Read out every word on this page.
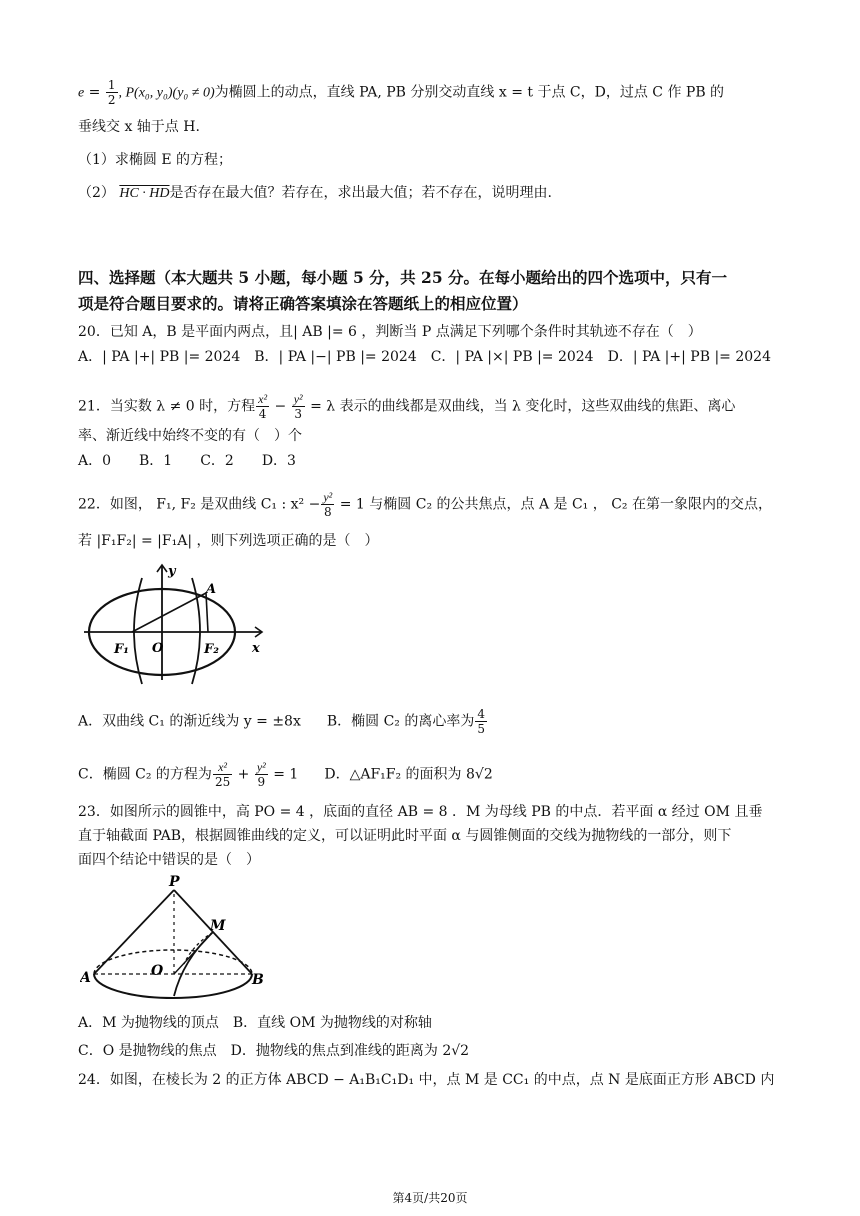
$e = \frac{1}{2}$ , P(x₀, y₀)(y₀ ≠ 0)为椭圆上的动点，直线 PA, PB 分别交动直线 x = t 于点 C，D，过点 C 作 PB 的
垂线交 x 轴于点 H.
（1）求椭圆 E 的方程；
（2） HC · HD是否存在最大值？若存在，求出最大值；若不存在，说明理由.
四、选择题（本大题共 5 小题，每小题 5 分，共 25 分。在每小题给出的四个选项中，只有一
项是符合题目要求的。请将正确答案填涂在答题纸上的相应位置）
20．已知 A，B 是平面内两点，且| AB |= 6 ，判断当 P 点满足下列哪个条件时其轨迹不存在（　）
A．| PA |+| PB |= 2024　B．| PA |−| PB |= 2024　C．| PA |×| PB |= 2024　D．| PA |+| PB |= 2024
21．当实数 λ ≠ 0 时，方程 $\frac{\text{x²}}{4} - \frac{\text{y²}}{3} = \lambda$ 表示的曲线都是双曲线，当 λ 变化时，这些双曲线的焦距、离心
率、渐近线中始终不变的有（　）个
A．0　　B．1　　C．2　　D．3
22．如图， F₁, F₂ 是双曲线 C₁ : $x^2 - \frac{\text{y²}}{8} = 1$ 与椭圆 C₂ 的公共焦点，点 A 是 C₁ ， C₂ 在第一象限内的交点，
若 |F₁F₂| = |F₁A| ，则下列选项正确的是（　）
y
A
F₁ O	F₂	x
A．双曲线 C₁ 的渐近线为 y = ±8x B．椭圆 C₂ 的离心率为 $\frac{4}{5}$
C．椭圆 C₂ 的方程为 $\frac{\text{x²}}{25} + \frac{\text{y²}}{9} = 1$ D．△AF₁F₂ 的面积为 8√2
23．如图所示的圆锥中，高 PO = 4 ，底面的直径 AB = 8 ．M 为母线 PB 的中点．若平面 α 经过 OM 且垂
直于轴截面 PAB，根据圆锥曲线的定义，可以证明此时平面 α 与圆锥侧面的交线为抛物线的一部分，则下
面四个结论中错误的是（　）
P
M
A	O
B
A．M 为抛物线的顶点　B．直线 OM 为抛物线的对称轴
C．O 是抛物线的焦点　D．抛物线的焦点到准线的距离为 2√2
24．如图，在棱长为 2 的正方体 ABCD − A₁B₁C₁D₁ 中，点 M 是 CC₁ 的中点，点 N 是底面正方形 ABCD 内
第4页/共20页
